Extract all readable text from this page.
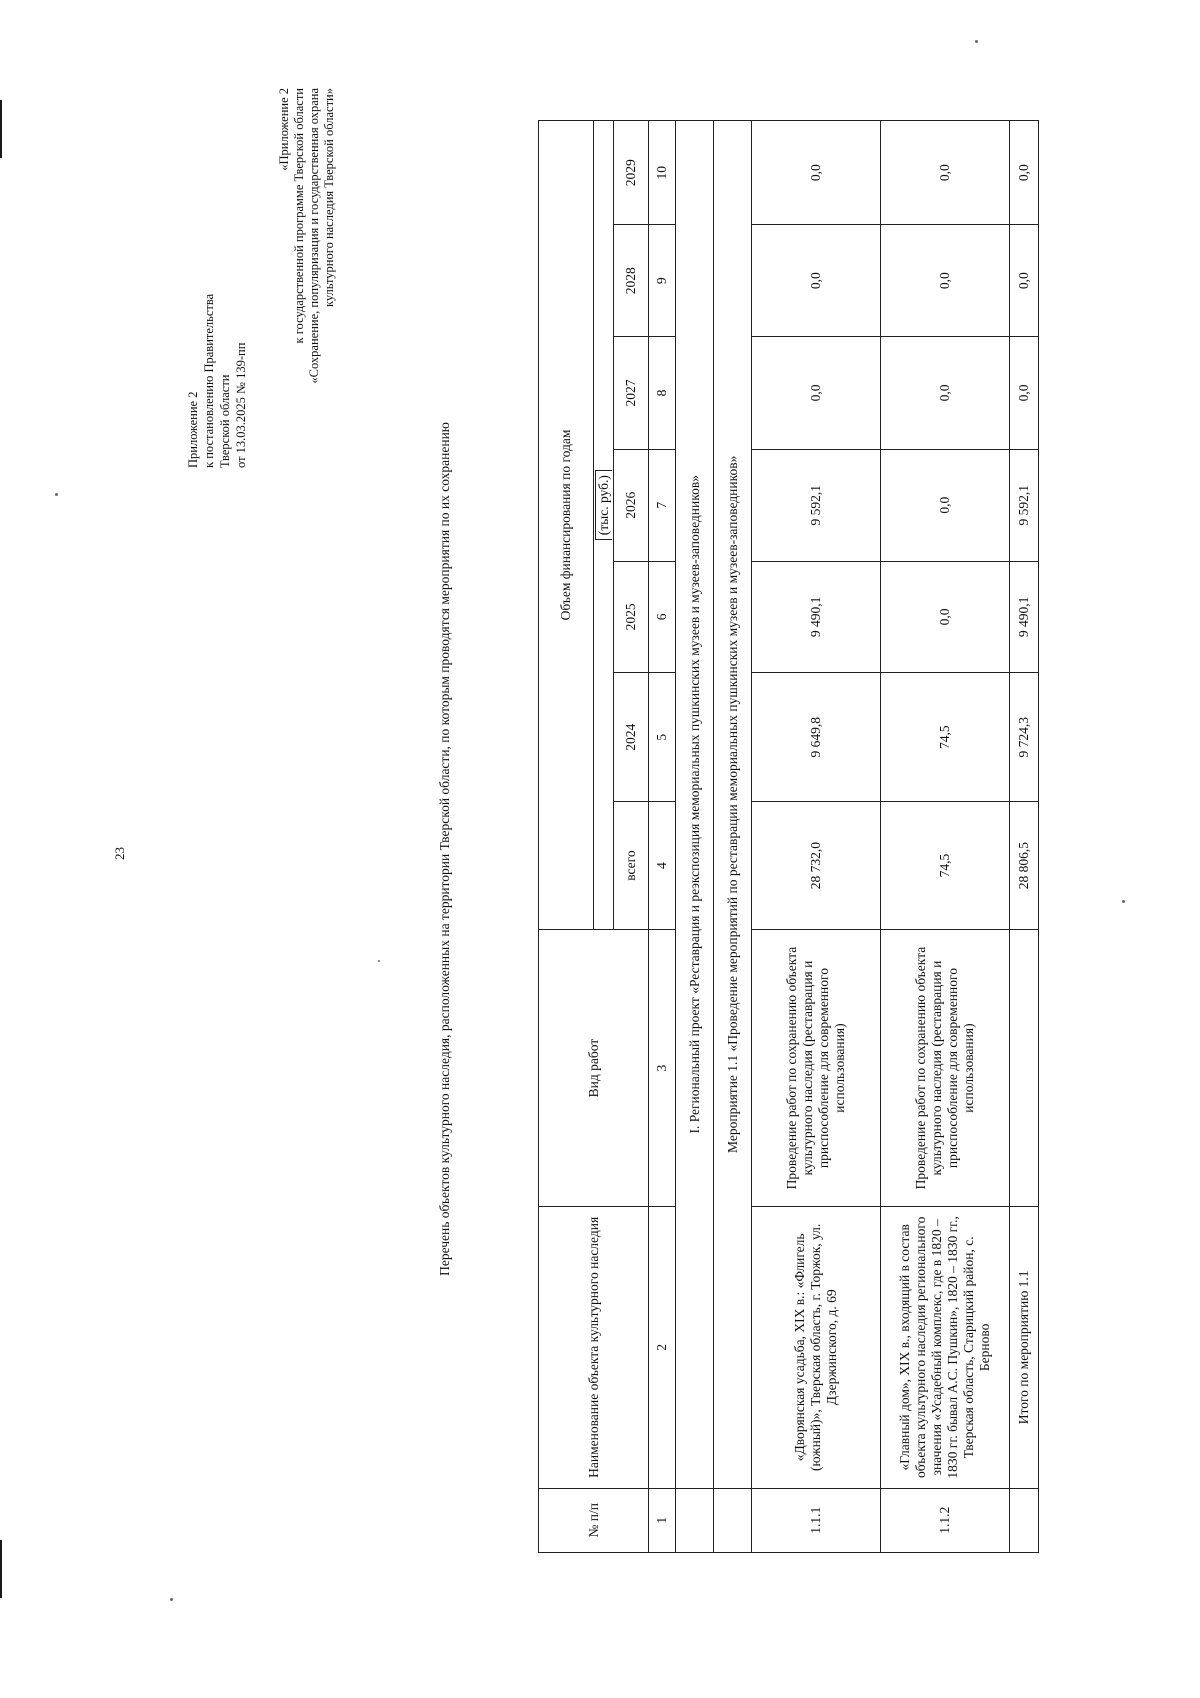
23
Приложение 2 к постановлению Правительства Тверской области от 13.03.2025 № 139-пп
«Приложение 2 к государственной программе Тверской области «Сохранение, популяризация и государственная охрана культурного наследия Тверской области»
Перечень объектов культурного наследия, расположенных на территории Тверской области, по которым проводятся мероприятия по их сохранению
№ п/п	Наименование объекта культурного наследия	Вид работ	Объем финансирования по годам						
						(тыс. руб.)			
			всего	2024	2025	2026	2027	2028	2029
1	2	3	4	5	6	7	8	9	10
	I. Региональный проект «Реставрация и реэкспозиция мемориальных пушкинских музеев и музеев-заповедников»								
	Мероприятие 1.1 «Проведение мероприятий по реставрации мемориальных пушкинских музеев и музеев-заповедников»								
1.1.1	«Дворянская усадьба, XIX в.: «Флигель (южный)», Тверская область, г. Торжок, ул. Дзержинского, д. 69	Проведение работ по сохранению объекта культурного наследия (реставрация и приспособление для современного использования)	28 732,0	9 649,8	9 490,1	9 592,1	0,0	0,0	0,0
1.1.2	«Главный дом», XIX в., входящий в состав объекта культурного наследия регионального значения «Усадебный комплекс, где в 1820 – 1830 гг. бывал А.С. Пушкин», 1820 – 1830 гг., Тверская область, Старицкий район, с. Берново	Проведение работ по сохранению объекта культурного наследия (реставрация и приспособление для современного использования)	74,5	74,5	0,0	0,0	0,0	0,0	0,0
	Итого по мероприятию 1.1		28 806,5	9 724,3	9 490,1	9 592,1	0,0	0,0	0,0
